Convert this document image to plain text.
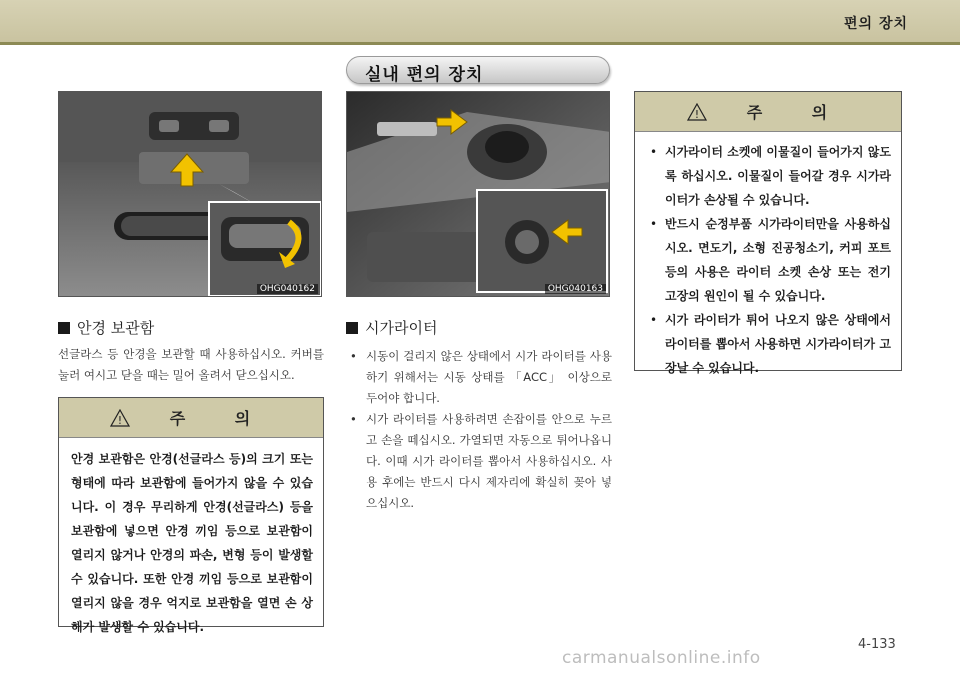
편의 장치
실내 편의 장치
OHG040162	OHG040163
안경 보관함
선글라스 등 안경을 보관할 때 사용하십시오. 커버를 눌러 여시고 닫을 때는 밀어 올려서 닫으십시오.
!	주 의
안경 보관함은 안경(선글라스 등)의 크기 또는 형태에 따라 보관함에 들어가지 않을 수 있습니다. 이 경우 무리하게 안경(선글라스) 등을 보관함에 넣으면 안경 끼임 등으로 보관함이 열리지 않거나 안경의 파손, 변형 등이 발생할 수 있습니다. 또한 안경 끼임 등으로 보관함이 열리지 않을 경우 억지로 보관함을 열면 손 상해가 발생할 수 있습니다.
시가라이터
• 시동이 걸리지 않은 상태에서 시가 라이터를 사용하기 위해서는 시동 상태를 「ACC」 이상으로 두어야 합니다.
• 시가 라이터를 사용하려면 손잡이를 안으로 누르고 손을 떼십시오. 가열되면 자동으로 튀어나옵니다. 이때 시가 라이터를 뽑아서 사용하십시오. 사용 후에는 반드시 다시 제자리에 확실히 꽂아 넣으십시오.
!	주 의
• 시가라이터 소켓에 이물질이 들어가지 않도록 하십시오. 이물질이 들어갈 경우 시가라이터가 손상될 수 있습니다.
• 반드시 순정부품 시가라이터만을 사용하십시오. 면도기, 소형 진공청소기, 커피 포트 등의 사용은 라이터 소켓 손상 또는 전기 고장의 원인이 될 수 있습니다.
• 시가 라이터가 튀어 나오지 않은 상태에서 라이터를 뽑아서 사용하면 시가라이터가 고장날 수 있습니다.
4-133
carmanualsonline.info
